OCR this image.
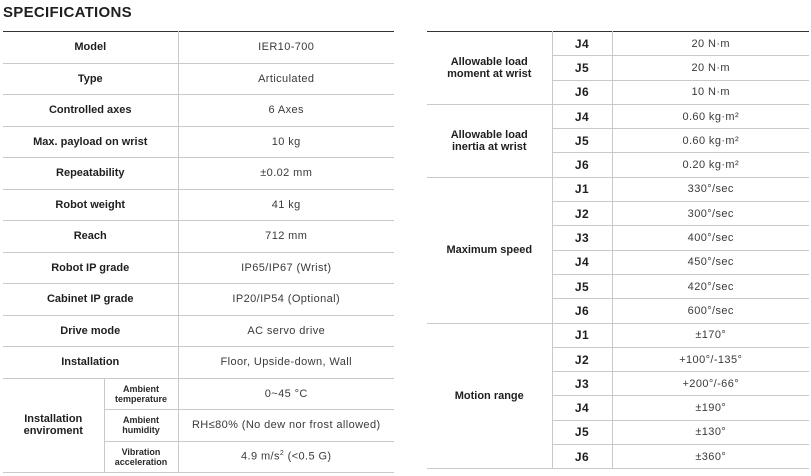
SPECIFICATIONS
Model		IER10-700
Type		Articulated
Controlled axes		6 Axes
Max. payload on wrist		10 kg
Repeatability		±0.02 mm
Robot weight		41 kg
Reach		712 mm
Robot IP grade		IP65/IP67 (Wrist)
Cabinet IP grade		IP20/IP54 (Optional)
Drive mode		AC servo drive
Installation		Floor, Upside-down, Wall
Installation enviroment	Ambient temperature	0~45 °C
	Ambient humidity	RH≤80% (No dew nor frost allowed)
	Vibration acceleration	4.9 $m/s^2$ (<0.5 G)
Allowable load moment at wrist	J4	20 N·m
	J5	20 N·m
	J6	10 N·m
Allowable load inertia at wrist	J4	0.60 kg·m²
	J5	0.60 kg·m²
	J6	0.20 kg·m²
Maximum speed	J1	330°/sec
	J2	300°/sec
	J3	400°/sec
	J4	450°/sec
	J5	420°/sec
	J6	600°/sec
Motion range	J1	±170°
	J2	+100°/-135°
	J3	+200°/-66°
	J4	±190°
	J5	±130°
	J6	±360°
